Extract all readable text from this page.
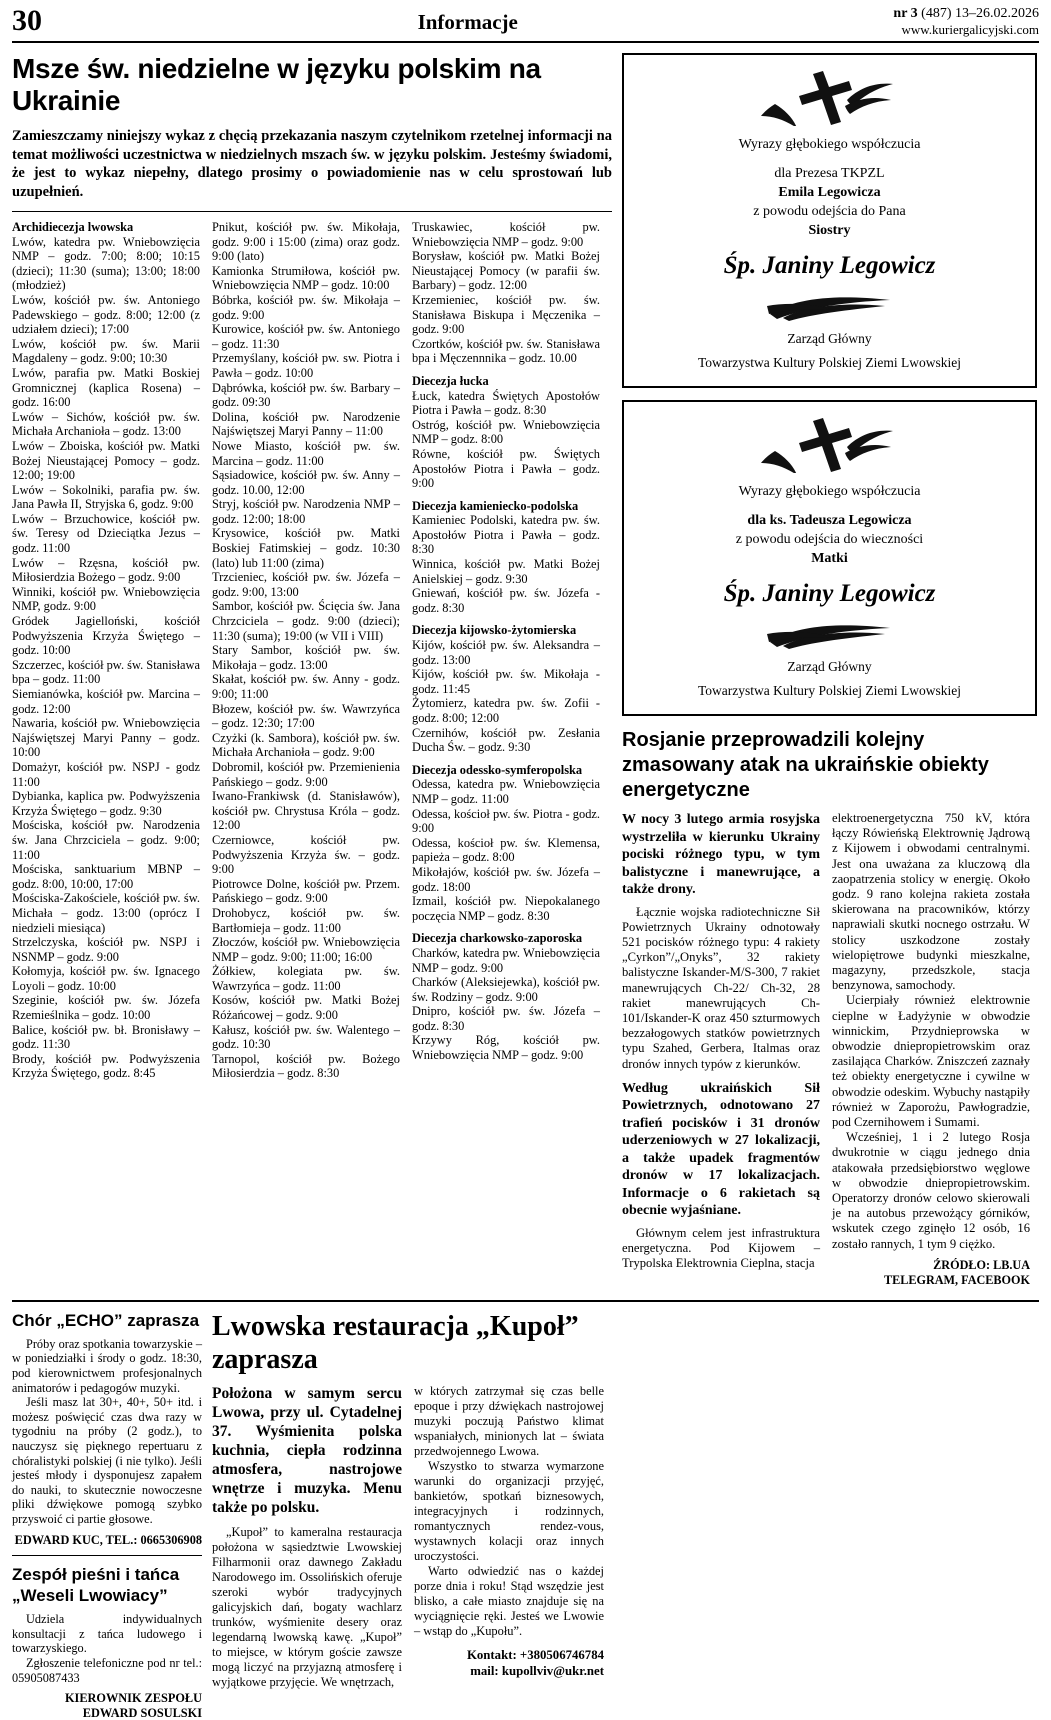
30	Informacje	nr 3 (487) 13–26.02.2026
www.kuriergalicyjski.com
Msze św. niedzielne w języku polskim na Ukrainie
Zamieszczamy niniejszy wykaz z chęcią przekazania naszym czytelnikom rzetelnej informacji na temat możliwości uczestnictwa w niedzielnych mszach św. w języku polskim. Jesteśmy świadomi, że jest to wykaz niepełny, dlatego prosimy o powiadomienie nas w celu sprostowań lub uzupełnień.

Archidiecezja lwowska

Lwów, katedra pw. Wniebowzięcia NMP – godz. 7:00; 8:00; 10:15 (dzieci); 11:30 (suma); 13:00; 18:00 (młodzież)

Lwów, kościół pw. św. Antoniego Padewskiego – godz. 8:00; 12:00 (z udziałem dzieci); 17:00

Lwów, kościół pw. św. Marii Magdaleny – godz. 9:00; 10:30

Lwów, parafia pw. Matki Boskiej Gromnicznej (kaplica Rosena) – godz. 16:00

Lwów – Sichów, kościół pw. św. Michała Archanioła – godz. 13:00

Lwów – Zboiska, kościół pw. Matki Bożej Nieustającej Pomocy – godz. 12:00; 19:00

Lwów – Sokolniki, parafia pw. św. Jana Pawła II, Stryjska 6, godz. 9:00

Lwów – Brzuchowice, kościół pw. św. Teresy od Dzieciątka Jezus – godz. 11:00

Lwów – Rzęsna, kościół pw. Miłosierdzia Bożego – godz. 9:00

Winniki, kościół pw. Wniebowzięcia NMP, godz. 9:00

Gródek Jagielloński, kościół Podwyższenia Krzyża Świętego – godz. 10:00

Szczerzec, kościół pw. św. Stanisława bpa – godz. 11:00

Siemianówka, kościół pw. Marcina – godz. 12:00

Nawaria, kościół pw. Wniebowzięcia Najświętszej Maryi Panny – godz. 10:00

Domażyr, kościół pw. NSPJ - godz 11:00

Dybianka, kaplica pw. Podwyższenia Krzyża Świętego – godz. 9:30

Mościska, kościół pw. Narodzenia św. Jana Chrzciciela – godz. 9:00; 11:00

Mościska, sanktuarium MBNP – godz. 8:00, 10:00, 17:00

Mościska-Zakościele, kościół pw. św. Michała – godz. 13:00 (oprócz I niedzieli miesiąca)

Strzelczyska, kościół pw. NSPJ i NSNMP – godz. 9:00

Kołomyja, kościół pw. św. Ignacego Loyoli – godz. 10:00

Szeginie, kościół pw. św. Józefa Rzemieślnika – godz. 10:00

Balice, kościół pw. bł. Bronisławy – godz. 11:30

Brody, kościół pw. Podwyższenia Krzyża Świętego, godz. 8:45

Pnikut, kościół pw. św. Mikołaja, godz. 9:00 i 15:00 (zima) oraz godz. 9:00 (lato)

Kamionka Strumiłowa, kościół pw. Wniebowzięcia NMP – godz. 10:00

Bóbrka, kościół pw. św. Mikołaja – godz. 9:00

Kurowice, kościół pw. św. Antoniego – godz. 11:30

Przemyślany, kościół pw. sw. Piotra i Pawła – godz. 10:00

Dąbrówka, kościół pw. św. Barbary – godz. 09:30

Dolina, kościół pw. Narodzenie Najświętszej Maryi Panny – 11:00

Nowe Miasto, kościół pw. św. Marcina – godz. 11:00

Sąsiadowice, kościół pw. św. Anny – godz. 10.00, 12:00

Stryj, kościół pw. Narodzenia NMP – godz. 12:00; 18:00

Krysowice, kościół pw. Matki Boskiej Fatimskiej – godz. 10:30 (lato) lub 11:00 (zima)

Trzcieniec, kościół pw. św. Józefa – godz. 9:00, 13:00

Sambor, kościół pw. Ścięcia św. Jana Chrzciciela – godz. 9:00 (dzieci); 11:30 (suma); 19:00 (w VII i VIII)

Stary Sambor, kościół pw. św. Mikołaja – godz. 13:00

Skałat, kościół pw. św. Anny - godz. 9:00; 11:00

Błozew, kościół pw. św. Wawrzyńca – godz. 12:30; 17:00

Czyżki (k. Sambora), kościół pw. św. Michała Archanioła – godz. 9:00

Dobromil, kościół pw. Przemienienia Pańskiego – godz. 9:00

Iwano-Frankiwsk (d. Stanisławów), kościół pw. Chrystusa Króla – godz. 12:00

Czerniowce, kościół pw. Podwyższenia Krzyża św. – godz. 9:00

Piotrowce Dolne, kościół pw. Przem. Pańskiego – godz. 9:00

Drohobycz, kościół pw. św. Bartłomieja – godz. 11:00

Złoczów, kościół pw. Wniebowzięcia NMP – godz. 9:00; 11:00; 16:00

Żółkiew, kolegiata pw. św. Wawrzyńca – godz. 11:00

Kosów, kościół pw. Matki Bożej Różańcowej – godz. 9:00

Kałusz, kościół pw. św. Walentego – godz. 10:30

Tarnopol, kościół pw. Bożego Miłosierdzia – godz. 8:30

Truskawiec, kościół pw. Wniebowzięcia NMP – godz. 9:00

Borysław, kościół pw. Matki Bożej Nieustającej Pomocy (w parafii św. Barbary) – godz. 12:00

Krzemieniec, kościół pw. św. Stanisława Biskupa i Męczenika – godz. 9:00

Czortków, kościół pw. św. Stanisława bpa i Męczennnika – godz. 10.00

Diecezja łucka

Łuck, katedra Świętych Apostołów Piotra i Pawła – godz. 8:30

Ostróg, kościół pw. Wniebowzięcia NMP – godz. 8:00

Równe, kościół pw. Świętych Apostołów Piotra i Pawła – godz. 9:00

Diecezja kamieniecko-podolska

Kamieniec Podolski, katedra pw. św. Apostołów Piotra i Pawła – godz. 8:30

Winnica, kościół pw. Matki Bożej Anielskiej – godz. 9:30

Gniewań, kościół pw. św. Józefa - godz. 8:30

Diecezja kijowsko-żytomierska

Kijów, kościół pw. św. Aleksandra – godz. 13:00

Kijów, kościół pw. św. Mikołaja - godz. 11:45

Żytomierz, katedra pw. św. Zofii - godz. 8:00; 12:00

Czernihów, kościół pw. Zesłania Ducha Św. – godz. 9:30

Diecezja odessko-symferopolska

Odessa, katedra pw. Wniebowzięcia NMP – godz. 11:00

Odessa, kościoł pw. św. Piotra - godz. 9:00

Odessa, kościoł pw. św. Klemensa, papieża – godz. 8:00

Mikołajów, kościół pw. św. Józefa – godz. 18:00

Izmail, kościół pw. Niepokalanego poczęcia NMP – godz. 8:30

Diecezja charkowsko-zaporoska

Charków, katedra pw. Wniebowzięcia NMP – godz. 9:00

Charków (Aleksiejewka), kościół pw. św. Rodziny – godz. 9:00

Dnipro, kościół pw. św. Józefa – godz. 8:30

Krzywy Róg, kościół pw. Wniebowzięcia NMP – godz. 9:00

Wyrazy głębokiego współczucia
dla Prezesa TKPZL
Emila Legowicza
z powodu odejścia do Pana
Siostry
Śp. Janiny Legowicz
Zarząd Główny
Towarzystwa Kultury Polskiej Ziemi Lwowskiej
Wyrazy głębokiego współczucia
dla ks. Tadeusza Legowicza
z powodu odejścia do wieczności
Matki
Śp. Janiny Legowicz
Zarząd Główny
Towarzystwa Kultury Polskiej Ziemi Lwowskiej
Rosjanie przeprowadzili kolejny zmasowany atak na ukraińskie obiekty energetyczne

W nocy 3 lutego armia rosyjska wystrzeliła w kierunku Ukrainy pociski różnego typu, w tym balistyczne i manewrujące, a także drony.

Łącznie wojska radiotechniczne Sił Powietrznych Ukrainy odnotowały 521 pocisków różnego typu: 4 rakiety „Cyrkon”/„Onyks”, 32 rakiety balistyczne Iskander-M/S-300, 7 rakiet manewrujących Ch-22/ Ch-32, 28 rakiet manewrujących Ch-101/Iskander-K oraz 450 szturmowych bezzałogowych statków powietrznych typu Szahed, Gerbera, Italmas oraz dronów innych typów z kierunków.

Według ukraińskich Sił Powietrznych, odnotowano 27 trafień pocisków i 31 dronów uderzeniowych w 27 lokalizacji, a także upadek fragmentów dronów w 17 lokalizacjach. Informacje o 6 rakietach są obecnie wyjaśniane.

Głównym celem jest infrastruktura energetyczna. Pod Kijowem – Trypolska Elektrownia Cieplna, stacja

elektroenergetyczna 750 kV, która łączy Rówieńską Elektrownię Jądrową z Kijowem i obwodami centralnymi. Jest ona uważana za kluczową dla zaopatrzenia stolicy w energię. Około godz. 9 rano kolejna rakieta została skierowana na pracowników, którzy naprawiali skutki nocnego ostrzału. W stolicy uszkodzone zostały wielopiętrowe budynki mieszkalne, magazyny, przedszkole, stacja benzynowa, samochody.

Ucierpiały również elektrownie cieplne w Ładyżynie w obwodzie winnickim, Przydnieprowska w obwodzie dniepropietrowskim oraz zasilająca Charków. Zniszczeń zaznały też obiekty energetyczne i cywilne w obwodzie odeskim. Wybuchy nastąpiły również w Zaporożu, Pawłogradzie, pod Czernihowem i Sumami.

Wcześniej, 1 i 2 lutego Rosja dwukrotnie w ciągu jednego dnia atakowała przedsiębiorstwo węglowe w obwodzie dniepropietrowskim. Operatorzy dronów celowo skierowali je na autobus przewożący górników, wskutek czego zginęło 12 osób, 16 zostało rannych, 1 tym 9 ciężko.

ŹRÓDŁO: LB.UA
TELEGRAM, FACEBOOK
Chór „ECHO” zaprasza

Próby oraz spotkania towarzyskie – w poniedziałki i środy o godz. 18:30, pod kierownictwem profesjonalnych animatorów i pedagogów muzyki.

Jeśli masz lat 30+, 40+, 50+ itd. i możesz poświęcić czas dwa razy w tygodniu na próby (2 godz.), to nauczysz się pięknego repertuaru z chóralistyki polskiej (i nie tylko). Jeśli jesteś młody i dysponujesz zapałem do nauki, to skutecznie nowoczesne pliki dźwiękowe pomogą szybko przyswoić ci partie głosowe.

EDWARD KUC, TEL.: 0665306908
Zespół pieśni i tańca „Weseli Lwowiacy”

Udziela indywidualnych konsultacji z tańca ludowego i towarzyskiego.

Zgłoszenie telefoniczne pod nr tel.: 05905087433

KIEROWNIK ZESPOŁU
EDWARD SOSULSKI
Lwowska restauracja „Kupoł” zaprasza
Położona w samym sercu Lwowa, przy ul. Cytadelnej 37. Wyśmienita polska kuchnia, ciepła rodzinna atmosfera, nastrojowe wnętrze i muzyka. Menu także po polsku.

„Kupoł” to kameralna restauracja położona w sąsiedztwie Lwowskiej Filharmonii oraz dawnego Zakładu Narodowego im. Ossolińskich oferuje szeroki wybór tradycyjnych galicyjskich dań, bogaty wachlarz trunków, wyśmienite desery oraz legendarną lwowską kawę. „Kupoł” to miejsce, w którym goście zawsze mogą liczyć na przyjazną atmosferę i wyjątkowe przyjęcie. We wnętrzach,

w których zatrzymał się czas belle epoque i przy dźwiękach nastrojowej muzyki poczują Państwo klimat wspaniałych, minionych lat – świata przedwojennego Lwowa.

Wszystko to stwarza wymarzone warunki do organizacji przyjęć, bankietów, spotkań biznesowych, integracyjnych i rodzinnych, romantycznych rendez-vous, wystawnych kolacji oraz innych uroczystości.

Warto odwiedzić nas o każdej porze dnia i roku! Stąd wszędzie jest blisko, a całe miasto znajduje się na wyciągnięcie ręki. Jesteś we Lwowie – wstąp do „Kupołu”.

Kontakt: +380506746784
mail: kupollviv@ukr.net
